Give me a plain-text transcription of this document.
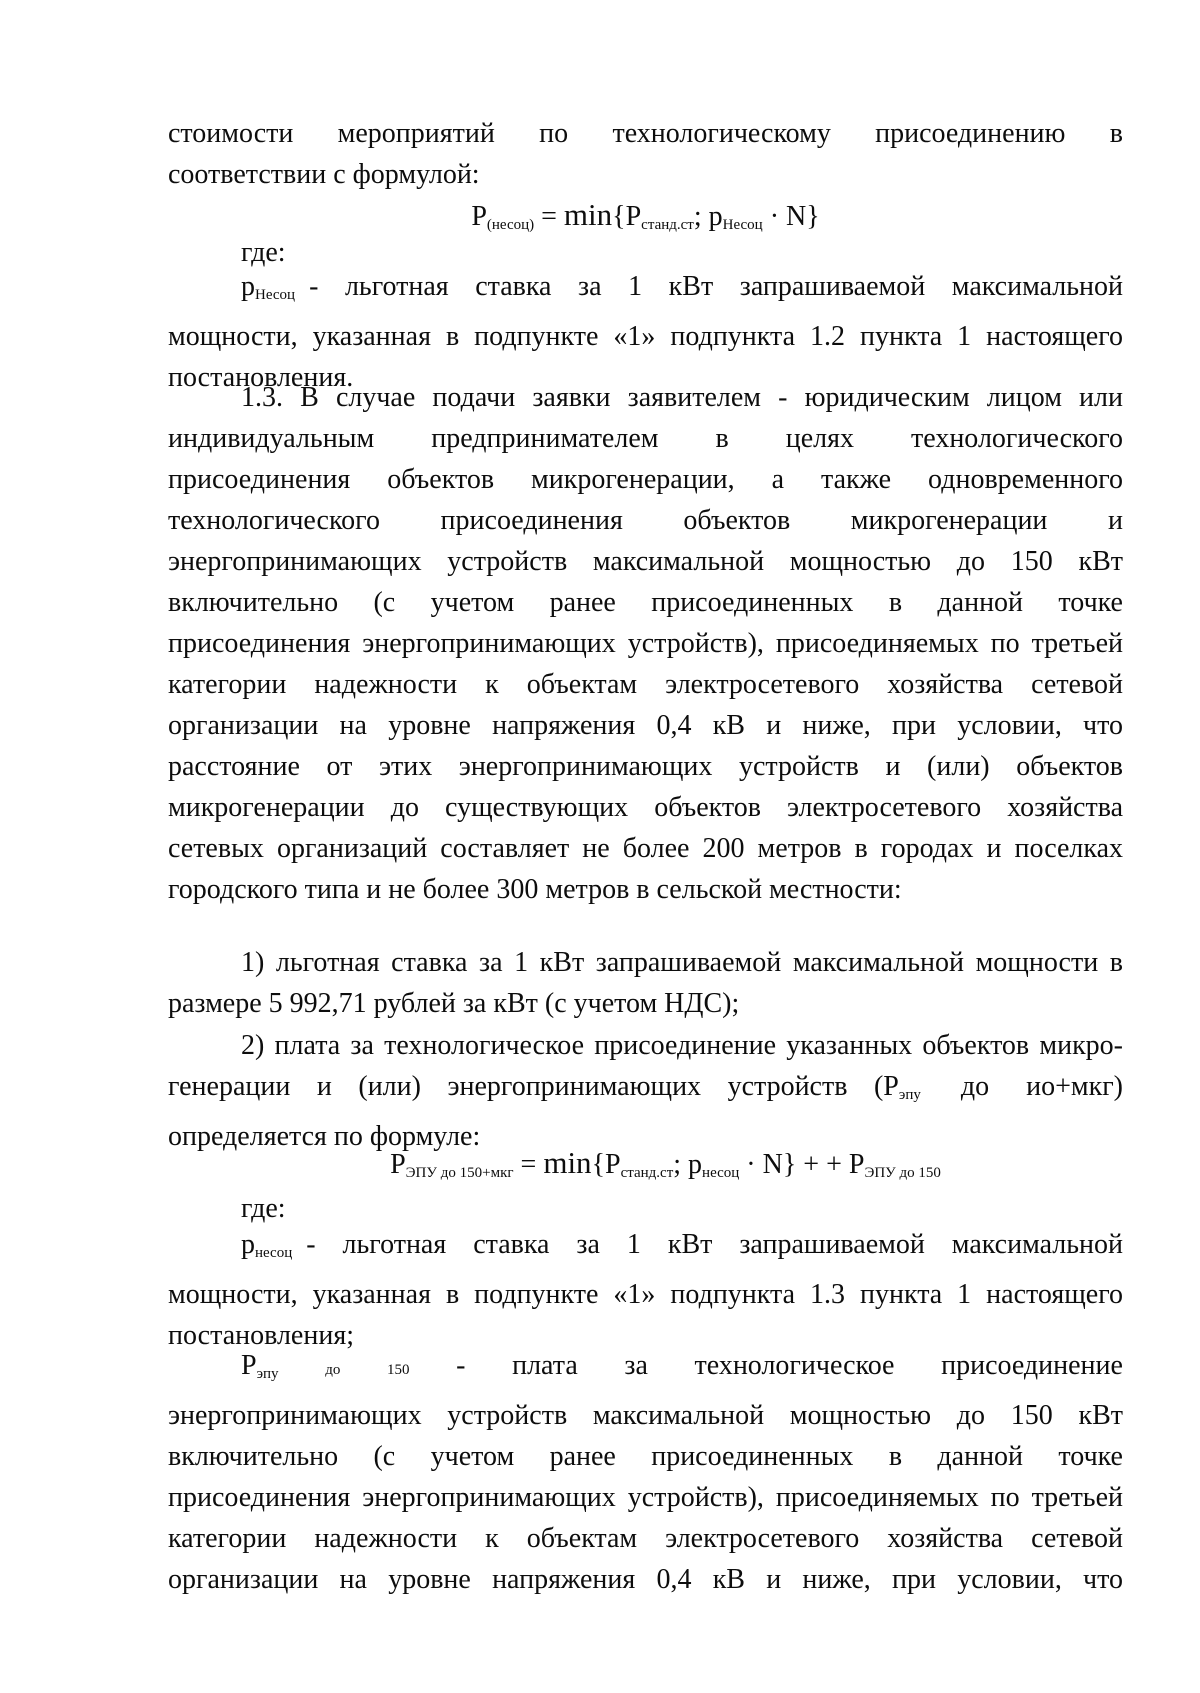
стоимости мероприятий по технологическому присоединению в
соответствии с формулой:
$P_{(несоц)} = \min\{P_{станд.ст}$; $p_{Несоц} \cdot N$}
где:
$p_{Несоц}$ - льготная ставка за 1 кВт запрашиваемой максимальной
мощности, указанная в подпункте «1» подпункта 1.2 пункта 1 настоящего
постановления.
1.3. В случае подачи заявки заявителем - юридическим лицом или
индивидуальным предпринимателем в целях технологического
присоединения объектов микрогенерации, а также одновременного
технологического присоединения объектов микрогенерации и
энергопринимающих устройств максимальной мощностью до 150 кВт
включительно (с учетом ранее присоединенных в данной точке
присоединения энергопринимающих устройств), присоединяемых по третьей
категории надежности к объектам электросетевого хозяйства сетевой
организации на уровне напряжения 0,4 кВ и ниже, при условии, что
расстояние от этих энергопринимающих устройств и (или) объектов
микрогенерации до существующих объектов электросетевого хозяйства
сетевых организаций составляет не более 200 метров в городах и поселках
городского типа и не более 300 метров в сельской местности:
1) льготная ставка за 1 кВт запрашиваемой максимальной мощности в
размере 5 992,71 рублей за кВт (с учетом НДС);
2) плата за технологическое присоединение указанных объектов микро-
генерации и (или) энергопринимающих устройств ($P_{эпу}$ до ио+мкг)
определяется по формуле:
$P_{ЭПУ до 150+мкг} = \min\{P_{станд.ст}$; $p_{несоц} \cdot N$} + + $P_{ЭПУ до 150}$
где:
$p_{несоц}$ - льготная ставка за 1 кВт запрашиваемой максимальной
мощности, указанная в подпункте «1» подпункта 1.3 пункта 1 настоящего
постановления;
$P_{эпу}$	до	150 - плата за технологическое присоединение
энергопринимающих устройств максимальной мощностью до 150 кВт
включительно (с учетом ранее присоединенных в данной точке
присоединения энергопринимающих устройств), присоединяемых по третьей
категории надежности к объектам электросетевого хозяйства сетевой
организации на уровне напряжения 0,4 кВ и ниже, при условии, что
